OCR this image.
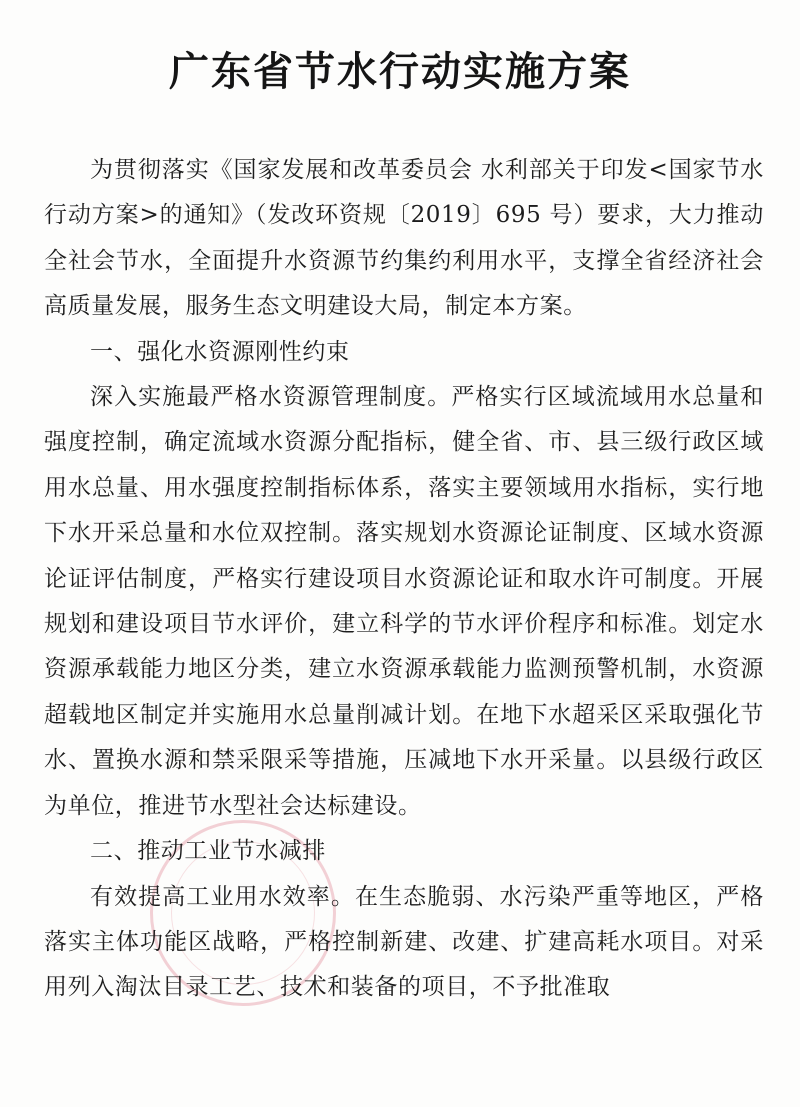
广东省节水行动实施方案

为贯彻落实《国家发展和改革委员会 水利部关于印发<国家节水行动方案>的通知》（发改环资规〔2019〕695 号）要求，大力推动全社会节水，全面提升水资源节约集约利用水平，支撑全省经济社会高质量发展，服务生态文明建设大局，制定本方案。

一、强化水资源刚性约束

深入实施最严格水资源管理制度。严格实行区域流域用水总量和强度控制，确定流域水资源分配指标，健全省、市、县三级行政区域用水总量、用水强度控制指标体系，落实主要领域用水指标，实行地下水开采总量和水位双控制。落实规划水资源论证制度、区域水资源论证评估制度，严格实行建设项目水资源论证和取水许可制度。开展规划和建设项目节水评价，建立科学的节水评价程序和标准。划定水资源承载能力地区分类，建立水资源承载能力监测预警机制，水资源超载地区制定并实施用水总量削减计划。在地下水超采区采取强化节水、置换水源和禁采限采等措施，压减地下水开采量。以县级行政区为单位，推进节水型社会达标建设。

二、推动工业节水减排

有效提高工业用水效率。在生态脆弱、水污染严重等地区，严格落实主体功能区战略，严格控制新建、改建、扩建高耗水项目。对采用列入淘汰目录工艺、技术和装备的项目，不予批准取
